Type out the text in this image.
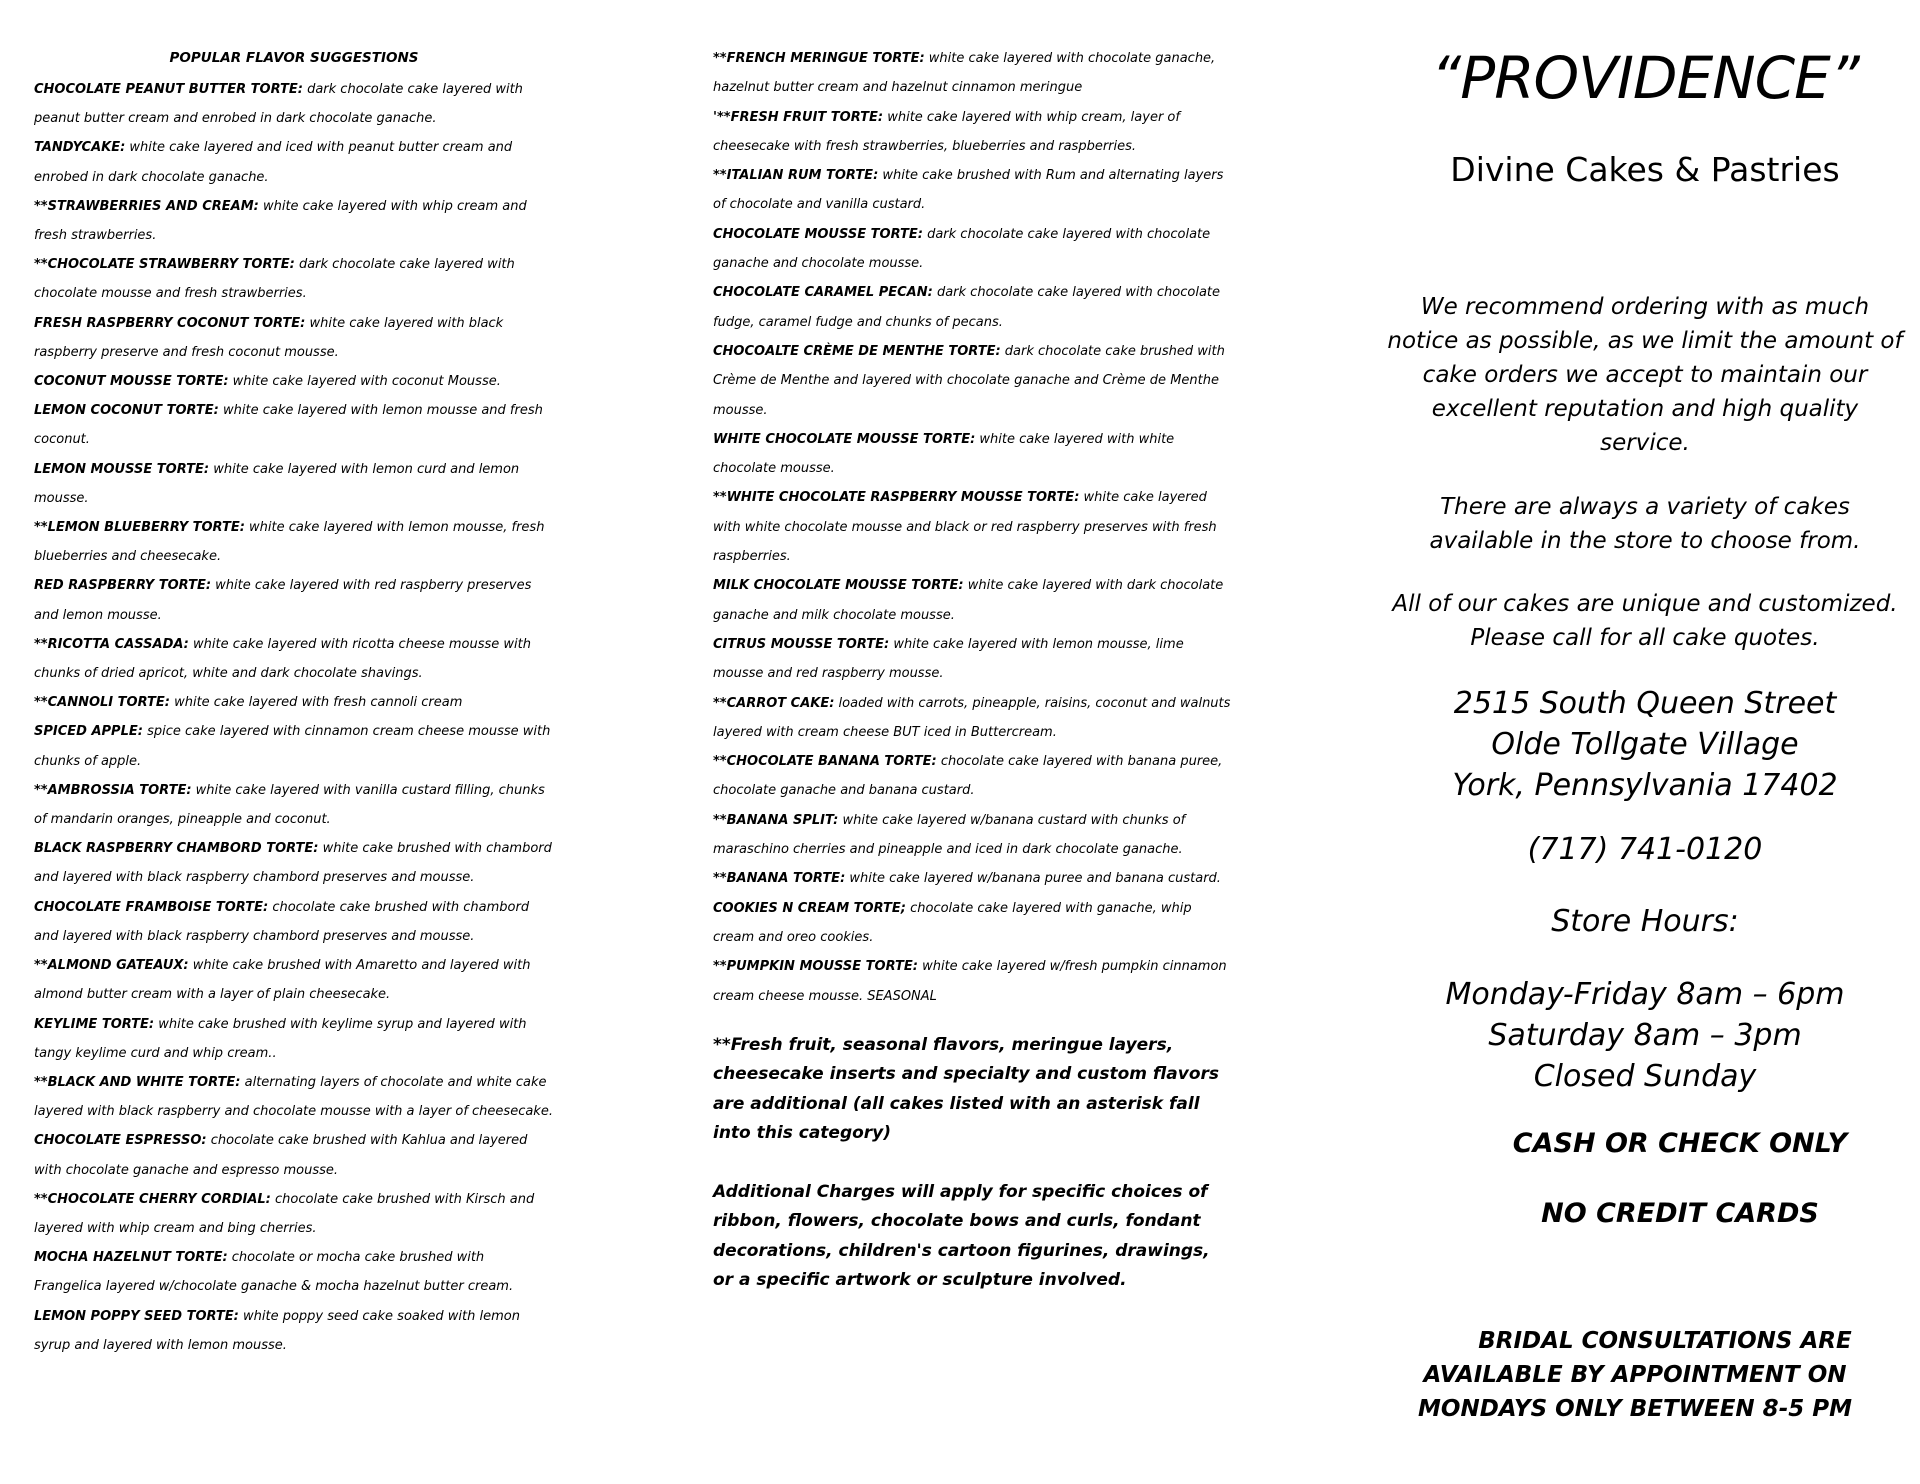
POPULAR FLAVOR SUGGESTIONS

CHOCOLATE PEANUT BUTTER TORTE: dark chocolate cake layered with peanut butter cream and enrobed in dark chocolate ganache.

TANDYCAKE: white cake layered and iced with peanut butter cream and enrobed in dark chocolate ganache.

**STRAWBERRIES AND CREAM: white cake layered with whip cream and fresh strawberries.

**CHOCOLATE STRAWBERRY TORTE: dark chocolate cake layered with chocolate mousse and fresh strawberries.

FRESH RASPBERRY COCONUT TORTE: white cake layered with black raspberry preserve and fresh coconut mousse.

COCONUT MOUSSE TORTE: white cake layered with coconut Mousse.

LEMON COCONUT TORTE: white cake layered with lemon mousse and fresh coconut.

LEMON MOUSSE TORTE: white cake layered with lemon curd and lemon mousse.

**LEMON BLUEBERRY TORTE: white cake layered with lemon mousse, fresh blueberries and cheesecake.

RED RASPBERRY TORTE: white cake layered with red raspberry preserves and lemon mousse.

**RICOTTA CASSADA: white cake layered with ricotta cheese mousse with chunks of dried apricot, white and dark chocolate shavings.

**CANNOLI TORTE: white cake layered with fresh cannoli cream

SPICED APPLE: spice cake layered with cinnamon cream cheese mousse with chunks of apple.

**AMBROSSIA TORTE: white cake layered with vanilla custard filling, chunks of mandarin oranges, pineapple and coconut.

BLACK RASPBERRY CHAMBORD TORTE: white cake brushed with chambord and layered with black raspberry chambord preserves and mousse.

CHOCOLATE FRAMBOISE TORTE: chocolate cake brushed with chambord and layered with black raspberry chambord preserves and mousse.

**ALMOND GATEAUX: white cake brushed with Amaretto and layered with almond butter cream with a layer of plain cheesecake.

KEYLIME TORTE: white cake brushed with keylime syrup and layered with tangy keylime curd and whip cream..

**BLACK AND WHITE TORTE: alternating layers of chocolate and white cake layered with black raspberry and chocolate mousse with a layer of cheesecake.

CHOCOLATE ESPRESSO: chocolate cake brushed with Kahlua and layered with chocolate ganache and espresso mousse.

**CHOCOLATE CHERRY CORDIAL: chocolate cake brushed with Kirsch and layered with whip cream and bing cherries.

MOCHA HAZELNUT TORTE: chocolate or mocha cake brushed with Frangelica layered w/chocolate ganache & mocha hazelnut butter cream.

LEMON POPPY SEED TORTE: white poppy seed cake soaked with lemon syrup and layered with lemon mousse.

**FRENCH MERINGUE TORTE: white cake layered with chocolate ganache, hazelnut butter cream and hazelnut cinnamon meringue

'**FRESH FRUIT TORTE: white cake layered with whip cream, layer of cheesecake with fresh strawberries, blueberries and raspberries.

**ITALIAN RUM TORTE: white cake brushed with Rum and alternating layers of chocolate and vanilla custard.

CHOCOLATE MOUSSE TORTE: dark chocolate cake layered with chocolate ganache and chocolate mousse.

CHOCOLATE CARAMEL PECAN: dark chocolate cake layered with chocolate fudge, caramel fudge and chunks of pecans.

CHOCOALTE CRÈME DE MENTHE TORTE: dark chocolate cake brushed with Crème de Menthe and layered with chocolate ganache and Crème de Menthe mousse.

WHITE CHOCOLATE MOUSSE TORTE: white cake layered with white chocolate mousse.

**WHITE CHOCOLATE RASPBERRY MOUSSE TORTE: white cake layered with white chocolate mousse and black or red raspberry preserves with fresh raspberries.

MILK CHOCOLATE MOUSSE TORTE: white cake layered with dark chocolate ganache and milk chocolate mousse.

CITRUS MOUSSE TORTE: white cake layered with lemon mousse, lime mousse and red raspberry mousse.

**CARROT CAKE: loaded with carrots, pineapple, raisins, coconut and walnuts layered with cream cheese BUT iced in Buttercream.

**CHOCOLATE BANANA TORTE: chocolate cake layered with banana puree, chocolate ganache and banana custard.

**BANANA SPLIT: white cake layered w/banana custard with chunks of maraschino cherries and pineapple and iced in dark chocolate ganache.

**BANANA TORTE: white cake layered w/banana puree and banana custard.

COOKIES N CREAM TORTE; chocolate cake layered with ganache, whip cream and oreo cookies.

**PUMPKIN MOUSSE TORTE: white cake layered w/fresh pumpkin cinnamon cream cheese mousse. SEASONAL

**Fresh fruit, seasonal flavors, meringue layers, cheesecake inserts and specialty and custom flavors are additional (all cakes listed with an asterisk fall into this category)

Additional Charges will apply for specific choices of ribbon, flowers, chocolate bows and curls, fondant decorations, children's cartoon figurines, drawings, or a specific artwork or sculpture involved.

“PROVIDENCE”

Divine Cakes & Pastries

We recommend ordering with as much notice as possible, as we limit the amount of cake orders we accept to maintain our excellent reputation and high quality service.

There are always a variety of cakes available in the store to choose from.

All of our cakes are unique and customized. Please call for all cake quotes.

2515 South Queen Street
Olde Tollgate Village
York, Pennsylvania 17402

(717) 741-0120

Store Hours:

Monday-Friday 8am – 6pm
Saturday 8am – 3pm
Closed Sunday

CASH OR CHECK ONLY

NO CREDIT CARDS

BRIDAL CONSULTATIONS ARE
AVAILABLE BY APPOINTMENT ON
MONDAYS ONLY BETWEEN 8-5 PM
